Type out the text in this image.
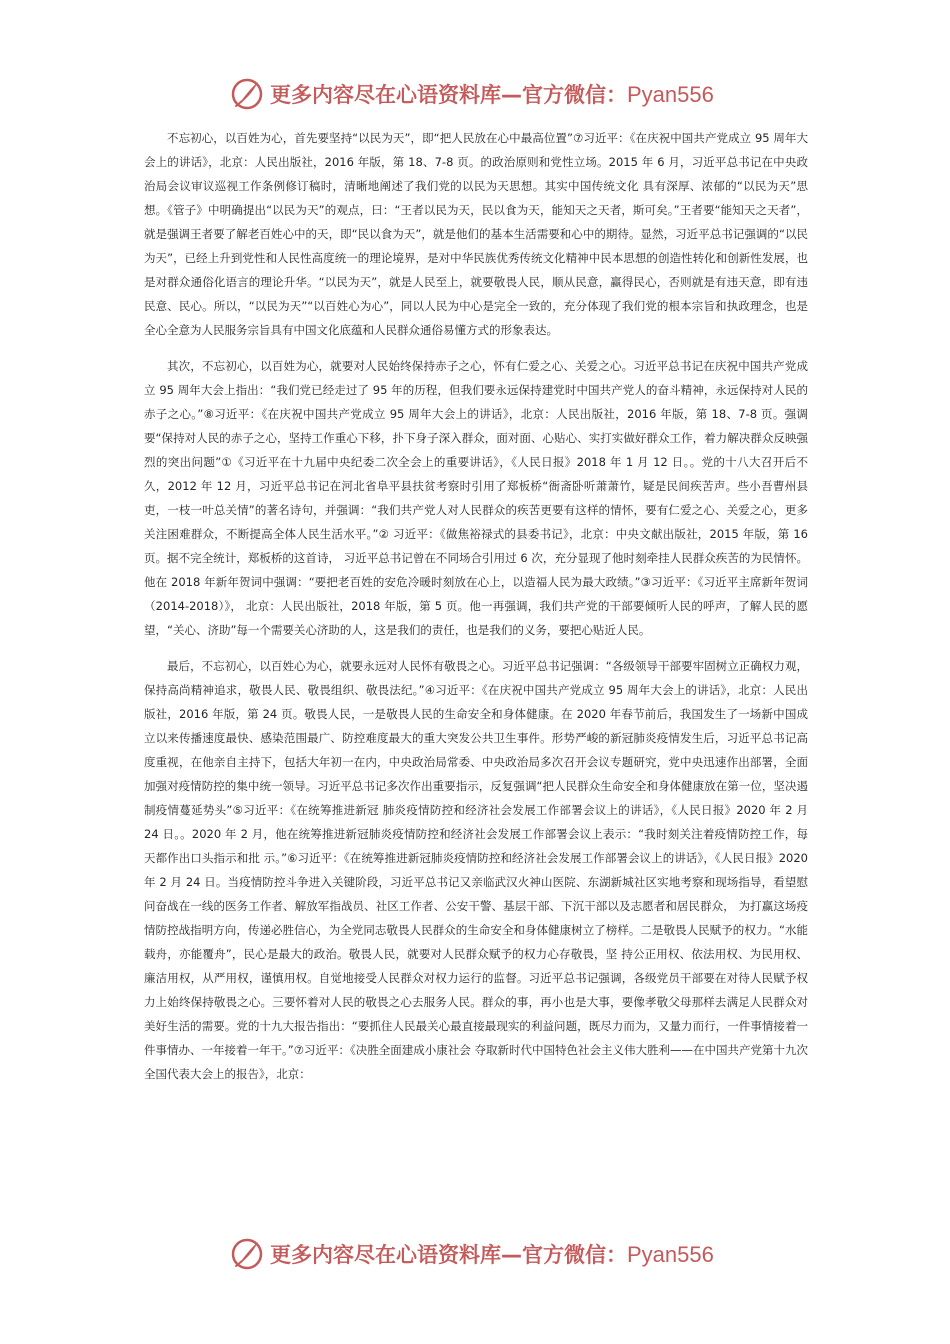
更多内容尽在心语资料库—官方微信：Pyan556

不忘初心，以百姓为心，首先要坚持“以民为天”，即“把人民放在心中最高位置”⑦习近平：《在庆祝中国共产党成立 95 周年大会上的讲话》，北京：人民出版社，2016 年版，第 18、7-8 页。的政治原则和党性立场。2015 年 6 月，习近平总书记在中央政治局会议审议巡视工作条例修订稿时，清晰地阐述了我们党的以民为天思想。其实中国传统文化 具有深厚、浓郁的“以民为天”思想。《管子》中明确提出“以民为天”的观点，曰：“王者以民为天，民以食为天，能知天之天者，斯可矣。”王者要“能知天之天者”，就是强调王者要了解老百姓心中的天，即“民以食为天”，就是他们的基本生活需要和心中的期待。显然，习近平总书记强调的“以民为天”，已经上升到党性和人民性高度统一的理论境界，是对中华民族优秀传统文化精神中民本思想的创造性转化和创新性发展，也是对群众通俗化语言的理论升华。“以民为天”，就是人民至上，就要敬畏人民，顺从民意，赢得民心，否则就是有违天意，即有违民意、民心。所以，“以民为天”“以百姓心为心”，同以人民为中心是完全一致的，充分体现了我们党的根本宗旨和执政理念，也是全心全意为人民服务宗旨具有中国文化底蕴和人民群众通俗易懂方式的形象表达。

其次，不忘初心，以百姓为心，就要对人民始终保持赤子之心，怀有仁爱之心、关爱之心。习近平总书记在庆祝中国共产党成立 95 周年大会上指出：“我们党已经走过了 95 年的历程，但我们要永远保持建党时中国共产党人的奋斗精神，永远保持对人民的赤子之心。”⑧习近平：《在庆祝中国共产党成立 95 周年大会上的讲话》，北京：人民出版社，2016 年版，第 18、7-8 页。强调要“保持对人民的赤子之心，坚持工作重心下移，扑下身子深入群众，面对面、心贴心、实打实做好群众工作，着力解决群众反映强烈的突出问题”①《习近平在十九届中央纪委二次全会上的重要讲话》，《人民日报》2018 年 1 月 12 日。。党的十八大召开后不久，2012 年 12 月，习近平总书记在河北省阜平县扶贫考察时引用了郑板桥“衙斋卧听萧萧竹，疑是民间疾苦声。些小吾曹州县吏，一枝一叶总关情”的著名诗句，并强调：“我们共产党人对人民群众的疾苦更要有这样的情怀，要有仁爱之心、关爱之心，更多关注困难群众，不断提高全体人民生活水平。”② 习近平：《做焦裕禄式的县委书记》，北京：中央文献出版社，2015 年版，第 16 页。据不完全统计，郑板桥的这首诗， 习近平总书记曾在不同场合引用过 6 次，充分显现了他时刻牵挂人民群众疾苦的为民情怀。他在 2018 年新年贺词中强调：“要把老百姓的安危冷暖时刻放在心上，以造福人民为最大政绩。”③习近平：《习近平主席新年贺词（2014-2018）》， 北京：人民出版社，2018 年版，第 5 页。他一再强调，我们共产党的干部要倾听人民的呼声，了解人民的愿望，“关心、济助”每一个需要关心济助的人，这是我们的责任，也是我们的义务，要把心贴近人民。

最后，不忘初心，以百姓心为心，就要永远对人民怀有敬畏之心。习近平总书记强调：“各级领导干部要牢固树立正确权力观，保持高尚精神追求，敬畏人民、敬畏组织、敬畏法纪。”④习近平：《在庆祝中国共产党成立 95 周年大会上的讲话》，北京：人民出版社，2016 年版，第 24 页。敬畏人民，一是敬畏人民的生命安全和身体健康。在 2020 年春节前后，我国发生了一场新中国成立以来传播速度最快、感染范围最广、防控难度最大的重大突发公共卫生事件。形势严峻的新冠肺炎疫情发生后，习近平总书记高度重视，在他亲自主持下，包括大年初一在内，中央政治局常委、中央政治局多次召开会议专题研究，党中央迅速作出部署，全面加强对疫情防控的集中统一领导。习近平总书记多次作出重要指示，反复强调“把人民群众生命安全和身体健康放在第一位，坚决遏制疫情蔓延势头”⑤习近平：《在统筹推进新冠 肺炎疫情防控和经济社会发展工作部署会议上的讲话》，《人民日报》2020 年 2 月 24 日。。2020 年 2 月，他在统筹推进新冠肺炎疫情防控和经济社会发展工作部署会议上表示：“我时刻关注着疫情防控工作，每天都作出口头指示和批 示。”⑥习近平：《在统筹推进新冠肺炎疫情防控和经济社会发展工作部署会议上的讲话》，《人民日报》2020 年 2 月 24 日。当疫情防控斗争进入关键阶段，习近平总书记又亲临武汉火神山医院、东湖新城社区实地考察和现场指导，看望慰问奋战在一线的医务工作者、解放军指战员、社区工作者、公安干警、基层干部、下沉干部以及志愿者和居民群众， 为打赢这场疫情防控战指明方向，传递必胜信心，为全党同志敬畏人民群众的生命安全和身体健康树立了榜样。二是敬畏人民赋予的权力。“水能载舟，亦能覆舟”，民心是最大的政治。敬畏人民，就要对人民群众赋予的权力心存敬畏，坚 持公正用权、依法用权、为民用权、廉洁用权，从严用权，谨慎用权。自觉地接受人民群众对权力运行的监督。习近平总书记强调，各级党员干部要在对待人民赋予权力上始终保持敬畏之心。三要怀着对人民的敬畏之心去服务人民。群众的事，再小也是大事，要像孝敬父母那样去满足人民群众对美好生活的需要。党的十九大报告指出：“要抓住人民最关心最直接最现实的利益问题，既尽力而为，又量力而行，一件事情接着一件事情办、一年接着一年干。”⑦习近平：《决胜全面建成小康社会 夺取新时代中国特色社会主义伟大胜利——在中国共产党第十九次全国代表大会上的报告》，北京：

更多内容尽在心语资料库—官方微信：Pyan556
